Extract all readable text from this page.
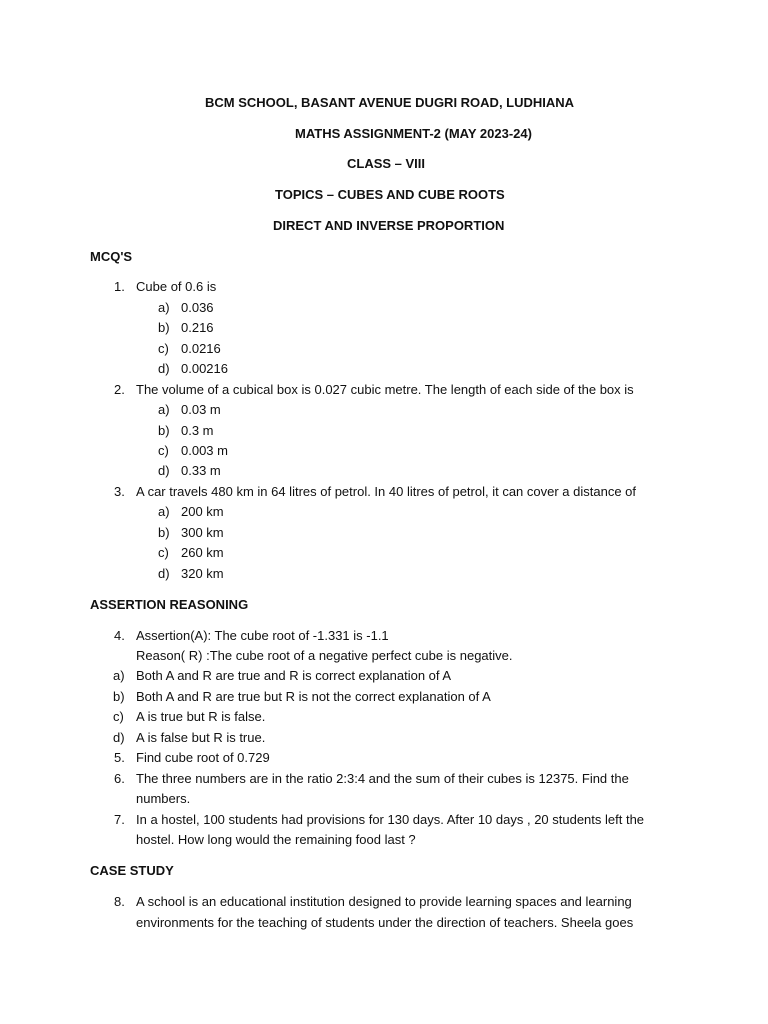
BCM SCHOOL, BASANT AVENUE DUGRI ROAD, LUDHIANA
MATHS ASSIGNMENT-2 (MAY 2023-24)
CLASS – VIII
TOPICS – CUBES AND CUBE ROOTS
DIRECT AND INVERSE PROPORTION
MCQ'S
1. Cube of 0.6 is
a) 0.036
b) 0.216
c) 0.0216
d) 0.00216
2. The volume of a cubical box is 0.027 cubic metre. The length of each side of the box is
a) 0.03 m
b) 0.3 m
c) 0.003 m
d) 0.33 m
3. A car travels 480 km in 64 litres of petrol. In 40 litres of petrol, it can cover a distance of
a) 200 km
b) 300 km
c) 260 km
d) 320 km
ASSERTION REASONING
4. Assertion(A): The cube root of -1.331 is -1.1
Reason( R) :The cube root of a negative perfect cube is negative.
a) Both A and R are true and R is correct explanation of A
b) Both A and R are true but R is not the correct explanation of A
c) A is true but R is false.
d) A is false but R is true.
5. Find cube root of 0.729
6. The three numbers are in the ratio 2:3:4 and the sum of their cubes is 12375. Find the
numbers.
7. In a hostel, 100 students had provisions for 130 days. After 10 days , 20 students left the
hostel. How long would the remaining food last ?
CASE STUDY
8. A school is an educational institution designed to provide learning spaces and learning
environments for the teaching of students under the direction of teachers. Sheela goes
